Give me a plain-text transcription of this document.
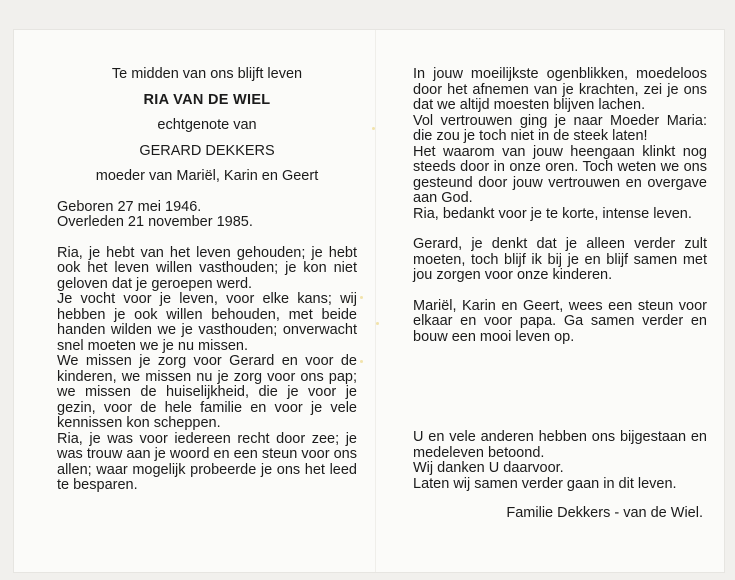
Te midden van ons blijft leven
RIA VAN DE WIEL
echtgenote van
GERARD DEKKERS
moeder van Mariël, Karin en Geert
Geboren 27 mei 1946.
Overleden 21 november 1985.

Ria, je hebt van het leven gehouden; je hebt ook het leven willen vasthouden; je kon niet geloven dat je geroepen werd.

Je vocht voor je leven, voor elke kans; wij hebben je ook willen behouden, met beide handen wilden we je vasthouden; onverwacht snel moeten we je nu missen.

We missen je zorg voor Gerard en voor de kinderen, we missen nu je zorg voor ons pap; we missen de huiselijkheid, die je voor je gezin, voor de hele familie en voor je vele kennissen kon scheppen.

Ria, je was voor iedereen recht door zee; je was trouw aan je woord en een steun voor ons allen; waar mogelijk probeerde je ons het leed te besparen.

In jouw moeilijkste ogenblikken, moedeloos door het afnemen van je krachten, zei je ons dat we altijd moesten blijven lachen.

Vol vertrouwen ging je naar Moeder Maria: die zou je toch niet in de steek laten!

Het waarom van jouw heengaan klinkt nog steeds door in onze oren. Toch weten we ons gesteund door jouw vertrouwen en overgave aan God.

Ria, bedankt voor je te korte, intense leven.

Gerard, je denkt dat je alleen verder zult moeten, toch blijf ik bij je en blijf samen met jou zorgen voor onze kinderen.
Mariël, Karin en Geert, wees een steun voor elkaar en voor papa. Ga samen verder en bouw een mooi leven op.
U en vele anderen hebben ons bijgestaan en medeleven betoond.
Wij danken U daarvoor.
Laten wij samen verder gaan in dit leven.
Familie Dekkers - van de Wiel.
